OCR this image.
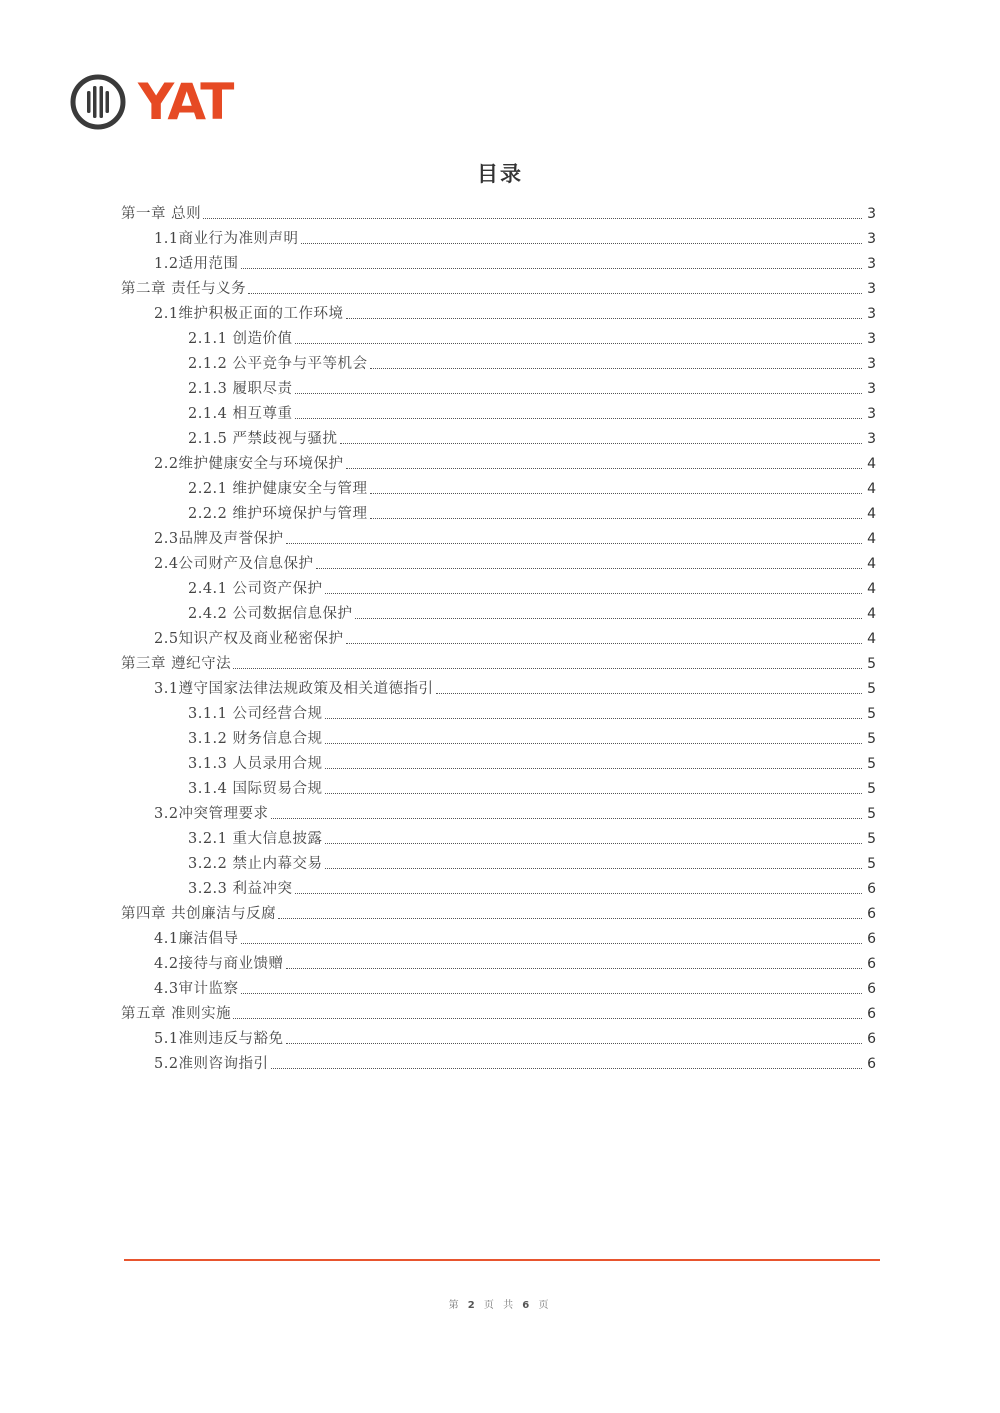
YAT
目录
第一章 总则	3
1.1商业行为准则声明	3
1.2适用范围	3
第二章 责任与义务	3
2.1维护积极正面的工作环境	3
2.1.1 创造价值	3
2.1.2 公平竞争与平等机会	3
2.1.3 履职尽责	3
2.1.4 相互尊重	3
2.1.5 严禁歧视与骚扰	3
2.2维护健康安全与环境保护	4
2.2.1 维护健康安全与管理	4
2.2.2 维护环境保护与管理	4
2.3品牌及声誉保护	4
2.4公司财产及信息保护	4
2.4.1 公司资产保护	4
2.4.2 公司数据信息保护	4
2.5知识产权及商业秘密保护	4
第三章 遵纪守法	5
3.1遵守国家法律法规政策及相关道德指引	5
3.1.1 公司经营合规	5
3.1.2 财务信息合规	5
3.1.3 人员录用合规	5
3.1.4 国际贸易合规	5
3.2冲突管理要求	5
3.2.1 重大信息披露	5
3.2.2 禁止内幕交易	5
3.2.3 利益冲突	6
第四章 共创廉洁与反腐	6
4.1廉洁倡导	6
4.2接待与商业馈赠	6
4.3审计监察	6
第五章 准则实施	6
5.1准则违反与豁免	6
5.2准则咨询指引	6
第 2 页 共 6 页
